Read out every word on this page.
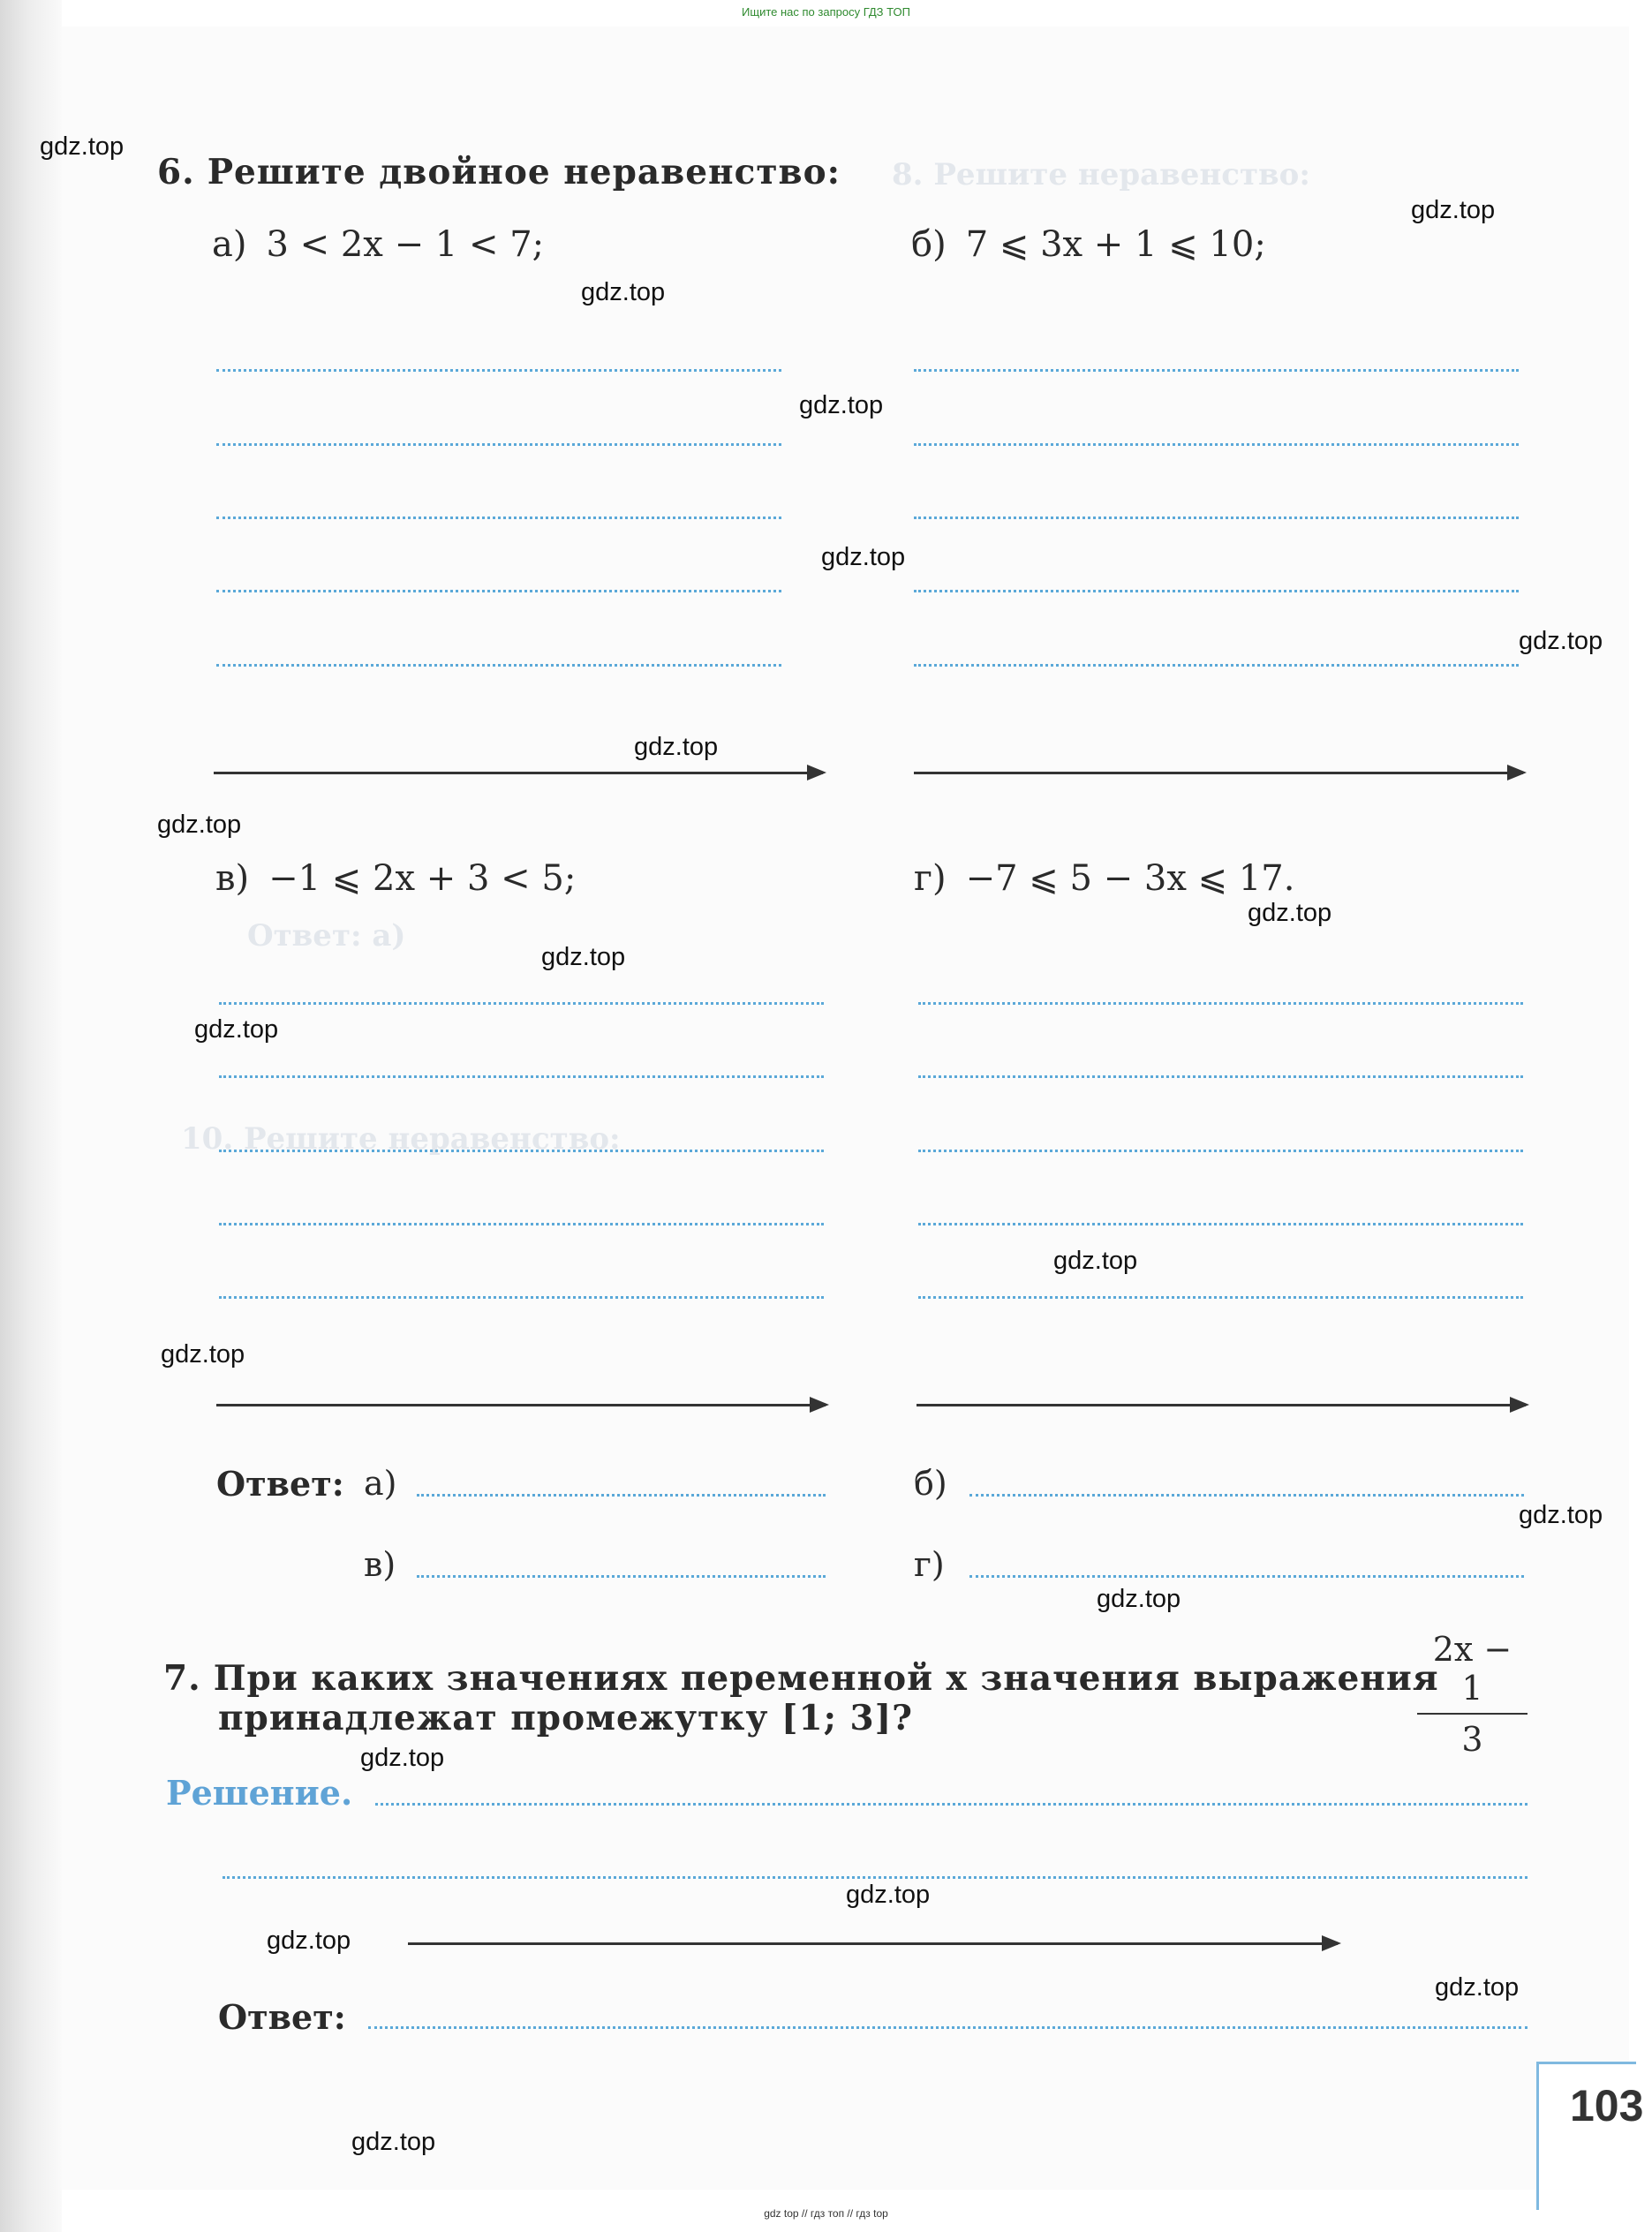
Ищите нас по запросу ГДЗ ТОП
8. Решите неравенство:
Ответ: а)
10. Решите неравенство:
6. Решите двойное неравенство:
а) 3 < 2x − 1 < 7;	б) 7 ⩽ 3x + 1 ⩽ 10;
в) −1 ⩽ 2x + 3 < 5;	г) −7 ⩽ 5 − 3x ⩽ 17.
Ответ: а)	б)
в)	г)
7. При каких значениях переменной x значения выражения
принадлежат промежутку [1; 3]?
2x − 1
3
Решение.
Ответ:
103
gdz.top
gdz.top
gdz.top
gdz.top
gdz.top
gdz.top
gdz.top
gdz.top
gdz.top
gdz.top
gdz.top
gdz.top
gdz.top
gdz.top
gdz.top
gdz.top
gdz.top
gdz.top
gdz.top
gdz.top
gdz top // гдз топ // гдз top
